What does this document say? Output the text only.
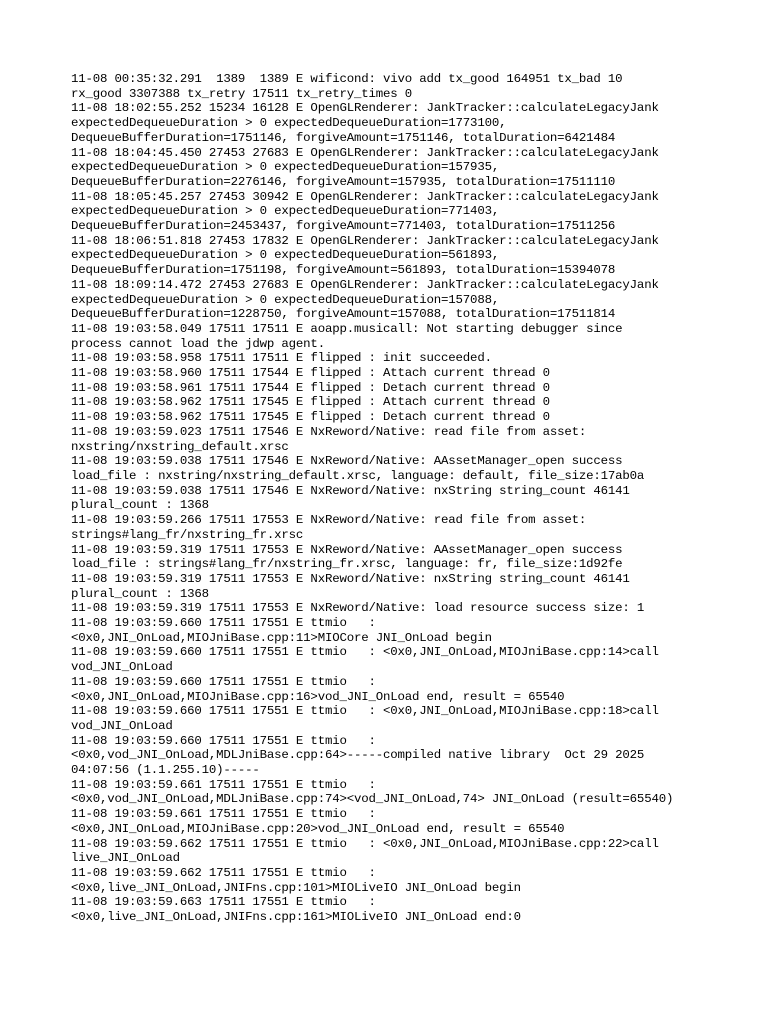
11-08 00:35:32.291  1389  1389 E wificond: vivo add tx_good 164951 tx_bad 10
rx_good 3307388 tx_retry 17511 tx_retry_times 0
11-08 18:02:55.252 15234 16128 E OpenGLRenderer: JankTracker::calculateLegacyJank
expectedDequeueDuration > 0 expectedDequeueDuration=1773100,
DequeueBufferDuration=1751146, forgiveAmount=1751146, totalDuration=6421484
11-08 18:04:45.450 27453 27683 E OpenGLRenderer: JankTracker::calculateLegacyJank
expectedDequeueDuration > 0 expectedDequeueDuration=157935,
DequeueBufferDuration=2276146, forgiveAmount=157935, totalDuration=17511110
11-08 18:05:45.257 27453 30942 E OpenGLRenderer: JankTracker::calculateLegacyJank
expectedDequeueDuration > 0 expectedDequeueDuration=771403,
DequeueBufferDuration=2453437, forgiveAmount=771403, totalDuration=17511256
11-08 18:06:51.818 27453 17832 E OpenGLRenderer: JankTracker::calculateLegacyJank
expectedDequeueDuration > 0 expectedDequeueDuration=561893,
DequeueBufferDuration=1751198, forgiveAmount=561893, totalDuration=15394078
11-08 18:09:14.472 27453 27683 E OpenGLRenderer: JankTracker::calculateLegacyJank
expectedDequeueDuration > 0 expectedDequeueDuration=157088,
DequeueBufferDuration=1228750, forgiveAmount=157088, totalDuration=17511814
11-08 19:03:58.049 17511 17511 E aoapp.musicall: Not starting debugger since
process cannot load the jdwp agent.
11-08 19:03:58.958 17511 17511 E flipped : init succeeded.
11-08 19:03:58.960 17511 17544 E flipped : Attach current thread 0
11-08 19:03:58.961 17511 17544 E flipped : Detach current thread 0
11-08 19:03:58.962 17511 17545 E flipped : Attach current thread 0
11-08 19:03:58.962 17511 17545 E flipped : Detach current thread 0
11-08 19:03:59.023 17511 17546 E NxReword/Native: read file from asset:
nxstring/nxstring_default.xrsc
11-08 19:03:59.038 17511 17546 E NxReword/Native: AAssetManager_open success
load_file : nxstring/nxstring_default.xrsc, language: default, file_size:17ab0a
11-08 19:03:59.038 17511 17546 E NxReword/Native: nxString string_count 46141
plural_count : 1368
11-08 19:03:59.266 17511 17553 E NxReword/Native: read file from asset:
strings#lang_fr/nxstring_fr.xrsc
11-08 19:03:59.319 17511 17553 E NxReword/Native: AAssetManager_open success
load_file : strings#lang_fr/nxstring_fr.xrsc, language: fr, file_size:1d92fe
11-08 19:03:59.319 17511 17553 E NxReword/Native: nxString string_count 46141
plural_count : 1368
11-08 19:03:59.319 17511 17553 E NxReword/Native: load resource success size: 1
11-08 19:03:59.660 17511 17551 E ttmio   :
<0x0,JNI_OnLoad,MIOJniBase.cpp:11>MIOCore JNI_OnLoad begin
11-08 19:03:59.660 17511 17551 E ttmio   : <0x0,JNI_OnLoad,MIOJniBase.cpp:14>call
vod_JNI_OnLoad
11-08 19:03:59.660 17511 17551 E ttmio   :
<0x0,JNI_OnLoad,MIOJniBase.cpp:16>vod_JNI_OnLoad end, result = 65540
11-08 19:03:59.660 17511 17551 E ttmio   : <0x0,JNI_OnLoad,MIOJniBase.cpp:18>call
vod_JNI_OnLoad
11-08 19:03:59.660 17511 17551 E ttmio   :
<0x0,vod_JNI_OnLoad,MDLJniBase.cpp:64>-----compiled native library  Oct 29 2025
04:07:56 (1.1.255.10)-----
11-08 19:03:59.661 17511 17551 E ttmio   :
<0x0,vod_JNI_OnLoad,MDLJniBase.cpp:74><vod_JNI_OnLoad,74> JNI_OnLoad (result=65540)
11-08 19:03:59.661 17511 17551 E ttmio   :
<0x0,JNI_OnLoad,MIOJniBase.cpp:20>vod_JNI_OnLoad end, result = 65540
11-08 19:03:59.662 17511 17551 E ttmio   : <0x0,JNI_OnLoad,MIOJniBase.cpp:22>call
live_JNI_OnLoad
11-08 19:03:59.662 17511 17551 E ttmio   :
<0x0,live_JNI_OnLoad,JNIFns.cpp:101>MIOLiveIO JNI_OnLoad begin
11-08 19:03:59.663 17511 17551 E ttmio   :
<0x0,live_JNI_OnLoad,JNIFns.cpp:161>MIOLiveIO JNI_OnLoad end:0
